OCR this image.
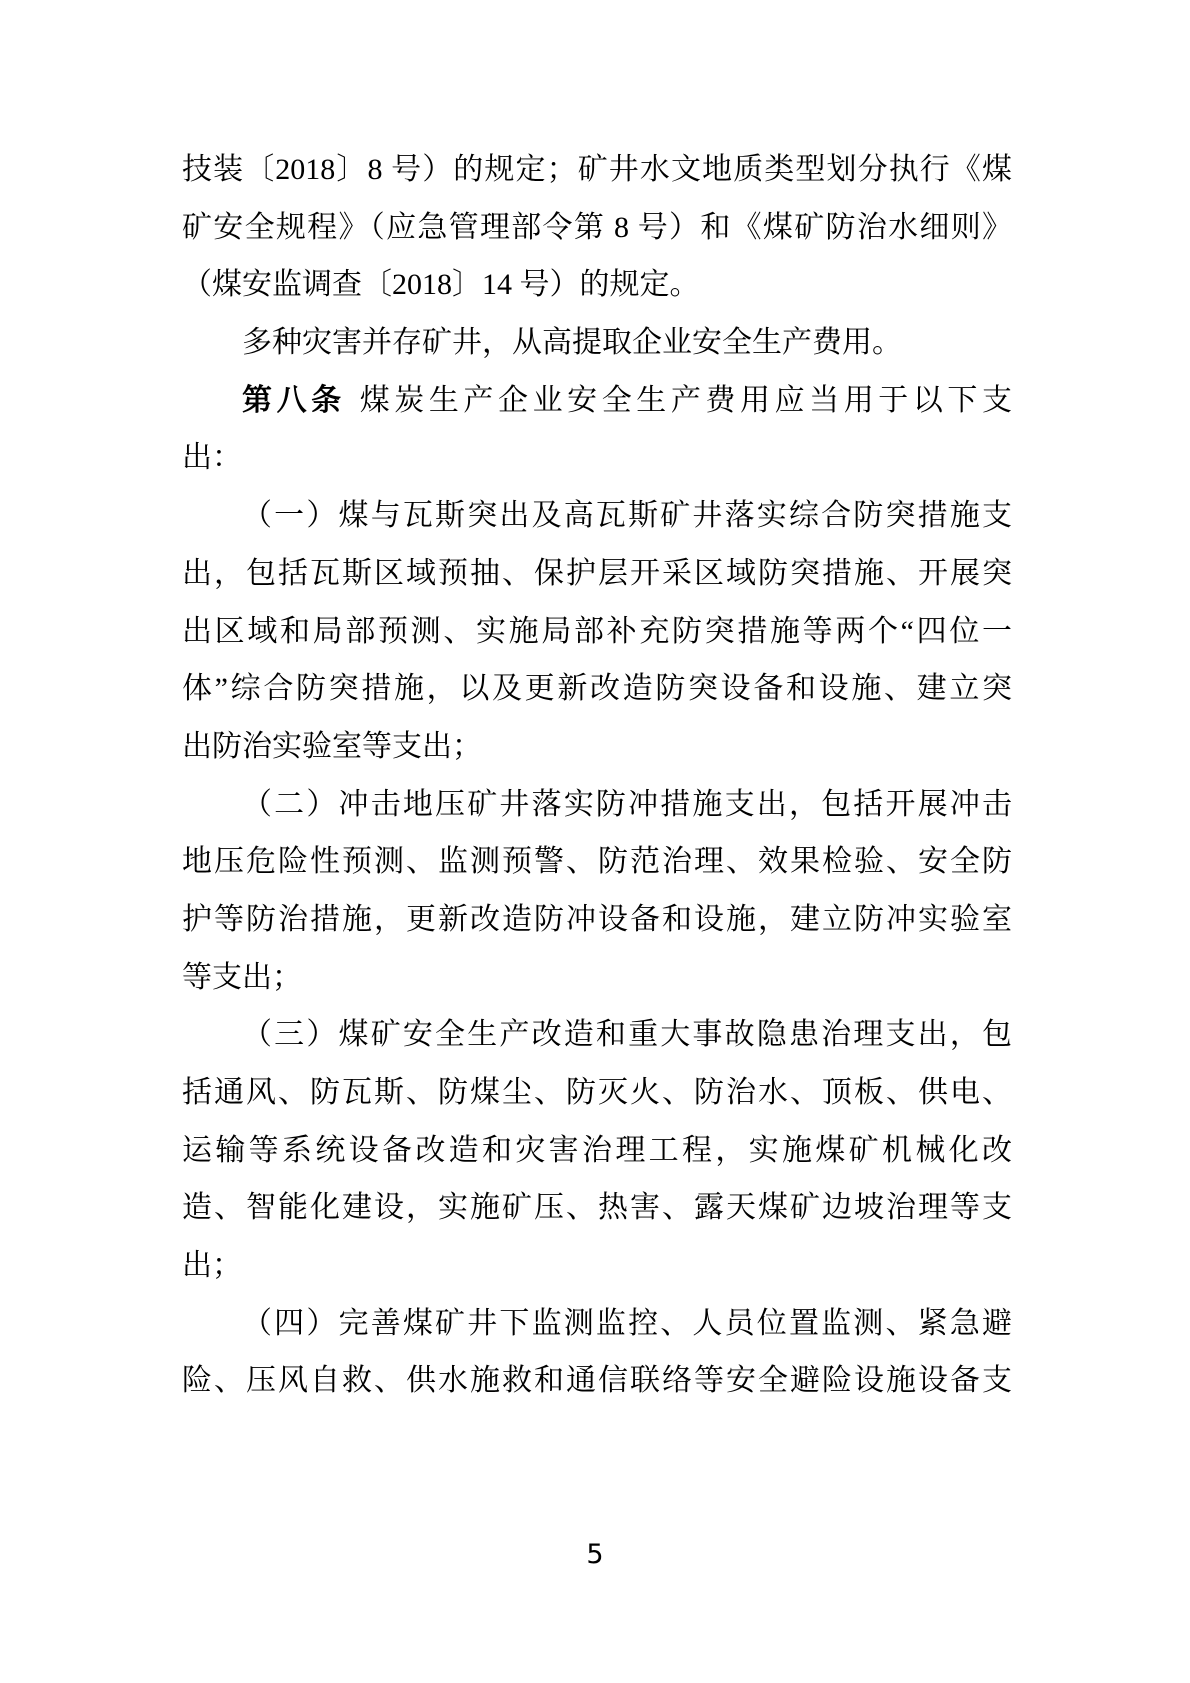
技装〔2018〕8 号）的规定；矿井水文地质类型划分执行《煤
矿安全规程》（应急管理部令第 8 号）和《煤矿防治水细则》
（煤安监调查〔2018〕14 号）的规定。
多种灾害并存矿井，从高提取企业安全生产费用。
第八条 煤炭生产企业安全生产费用应当用于以下支
出：
（一）煤与瓦斯突出及高瓦斯矿井落实综合防突措施支
出，包括瓦斯区域预抽、保护层开采区域防突措施、开展突
出区域和局部预测、实施局部补充防突措施等两个“四位一
体”综合防突措施，以及更新改造防突设备和设施、建立突
出防治实验室等支出；
（二）冲击地压矿井落实防冲措施支出，包括开展冲击
地压危险性预测、监测预警、防范治理、效果检验、安全防
护等防治措施，更新改造防冲设备和设施，建立防冲实验室
等支出；
（三）煤矿安全生产改造和重大事故隐患治理支出，包
括通风、防瓦斯、防煤尘、防灭火、防治水、顶板、供电、
运输等系统设备改造和灾害治理工程，实施煤矿机械化改
造、智能化建设，实施矿压、热害、露天煤矿边坡治理等支
出；
（四）完善煤矿井下监测监控、人员位置监测、紧急避
险、压风自救、供水施救和通信联络等安全避险设施设备支
5
